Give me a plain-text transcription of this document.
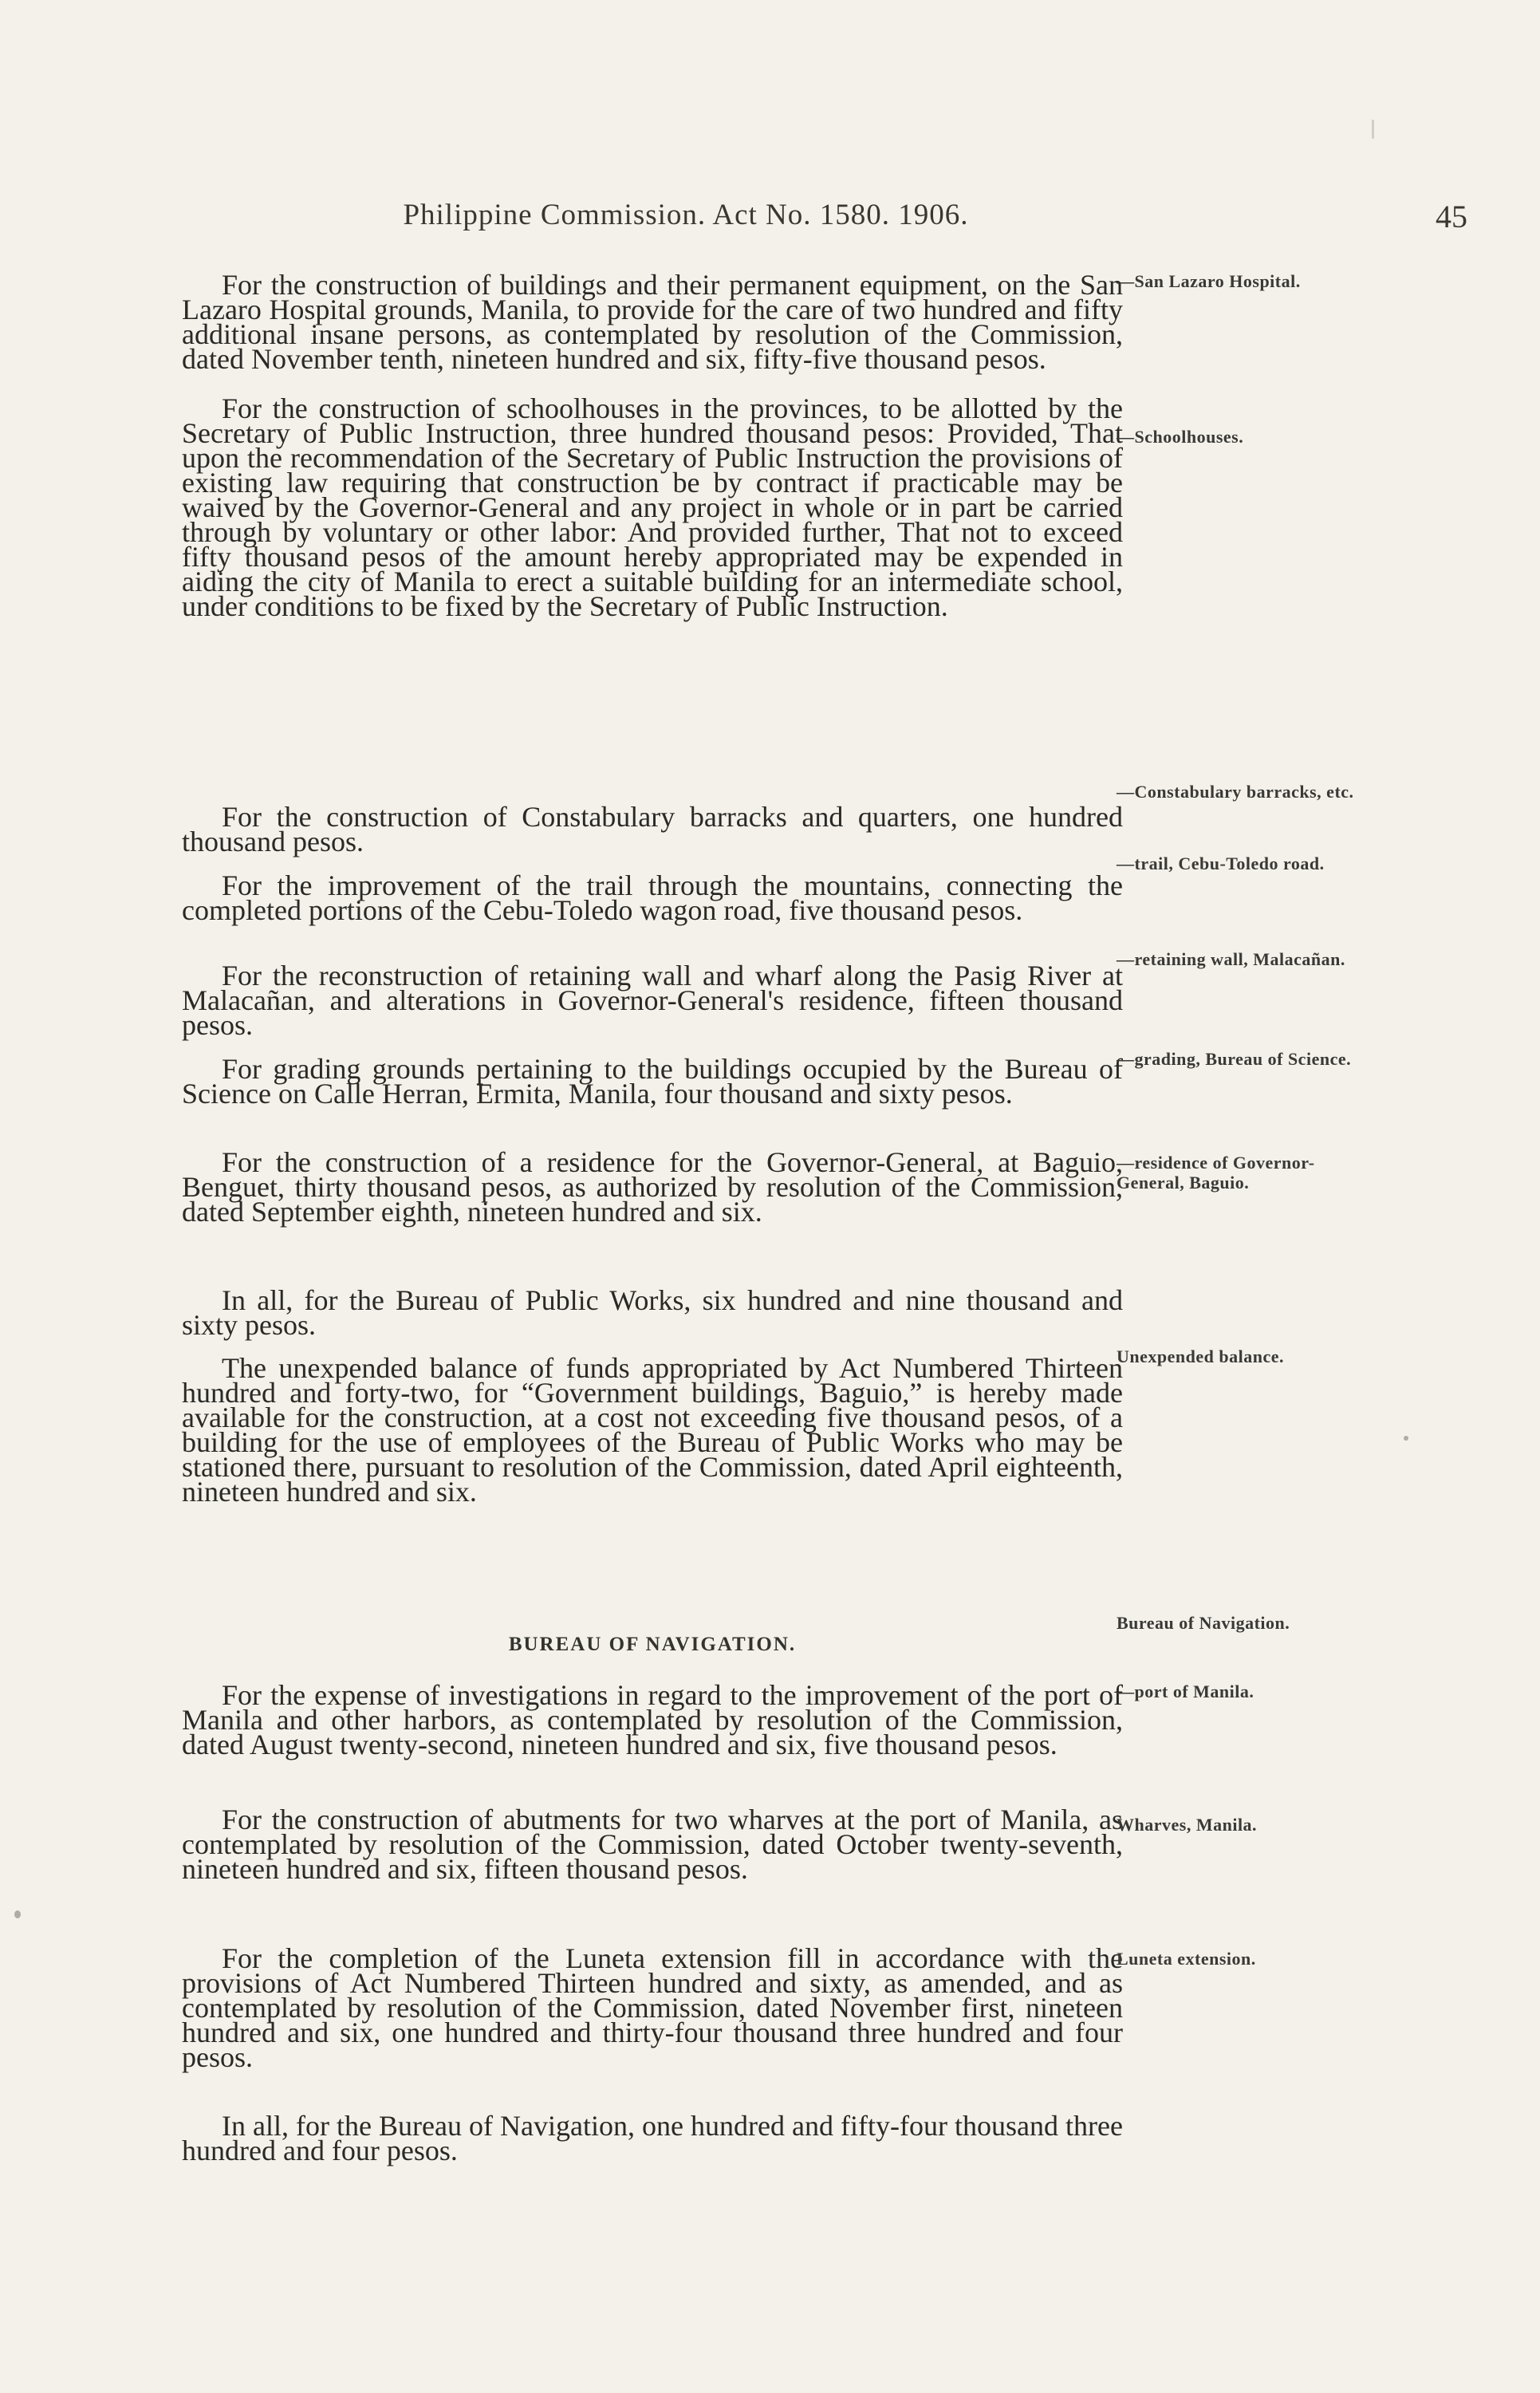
Philippine Commission. Act No. 1580. 1906.	45

For the construction of buildings and their permanent equipment, on the San Lazaro Hospital grounds, Manila, to provide for the care of two hundred and fifty additional insane persons, as contemplated by resolution of the Commission, dated November tenth, nineteen hundred and six, fifty-five thousand pesos.

For the construction of schoolhouses in the provinces, to be allotted by the Secretary of Public Instruction, three hundred thousand pesos: Provided, That upon the recommendation of the Secretary of Public Instruction the provisions of existing law requiring that construction be by contract if practicable may be waived by the Governor-General and any project in whole or in part be carried through by voluntary or other labor: And provided further, That not to exceed fifty thousand pesos of the amount hereby appropriated may be expended in aiding the city of Manila to erect a suitable building for an intermediate school, under conditions to be fixed by the Secretary of Public Instruction.

For the construction of Constabulary barracks and quarters, one hundred thousand pesos.

For the improvement of the trail through the mountains, connecting the completed portions of the Cebu-Toledo wagon road, five thousand pesos.

For the reconstruction of retaining wall and wharf along the Pasig River at Malacañan, and alterations in Governor-General's residence, fifteen thousand pesos.

For grading grounds pertaining to the buildings occupied by the Bureau of Science on Calle Herran, Ermita, Manila, four thousand and sixty pesos.

For the construction of a residence for the Governor-General, at Baguio, Benguet, thirty thousand pesos, as authorized by resolution of the Commission, dated September eighth, nineteen hundred and six.

In all, for the Bureau of Public Works, six hundred and nine thousand and sixty pesos.

The unexpended balance of funds appropriated by Act Numbered Thirteen hundred and forty-two, for “Government buildings, Baguio,” is hereby made available for the construction, at a cost not exceeding five thousand pesos, of a building for the use of employees of the Bureau of Public Works who may be stationed there, pursuant to resolution of the Commission, dated April eighteenth, nineteen hundred and six.

BUREAU OF NAVIGATION.

For the expense of investigations in regard to the improvement of the port of Manila and other harbors, as contemplated by resolution of the Commission, dated August twenty-second, nineteen hundred and six, five thousand pesos.

For the construction of abutments for two wharves at the port of Manila, as contemplated by resolution of the Commission, dated October twenty-seventh, nineteen hundred and six, fifteen thousand pesos.

For the completion of the Luneta extension fill in accordance with the provisions of Act Numbered Thirteen hundred and sixty, as amended, and as contemplated by resolution of the Commission, dated November first, nineteen hundred and six, one hundred and thirty-four thousand three hundred and four pesos.

In all, for the Bureau of Navigation, one hundred and fifty-four thousand three hundred and four pesos.

—San Lazaro Hospital.
—Schoolhouses.
—Constabulary barracks, etc.
—trail, Cebu-Toledo road.
—retaining wall, Malacañan.
—grading, Bureau of Science.
—residence of Governor-General, Baguio.
Unexpended balance.
Bureau of Navigation.
—port of Manila.
Wharves, Manila.
Luneta extension.
